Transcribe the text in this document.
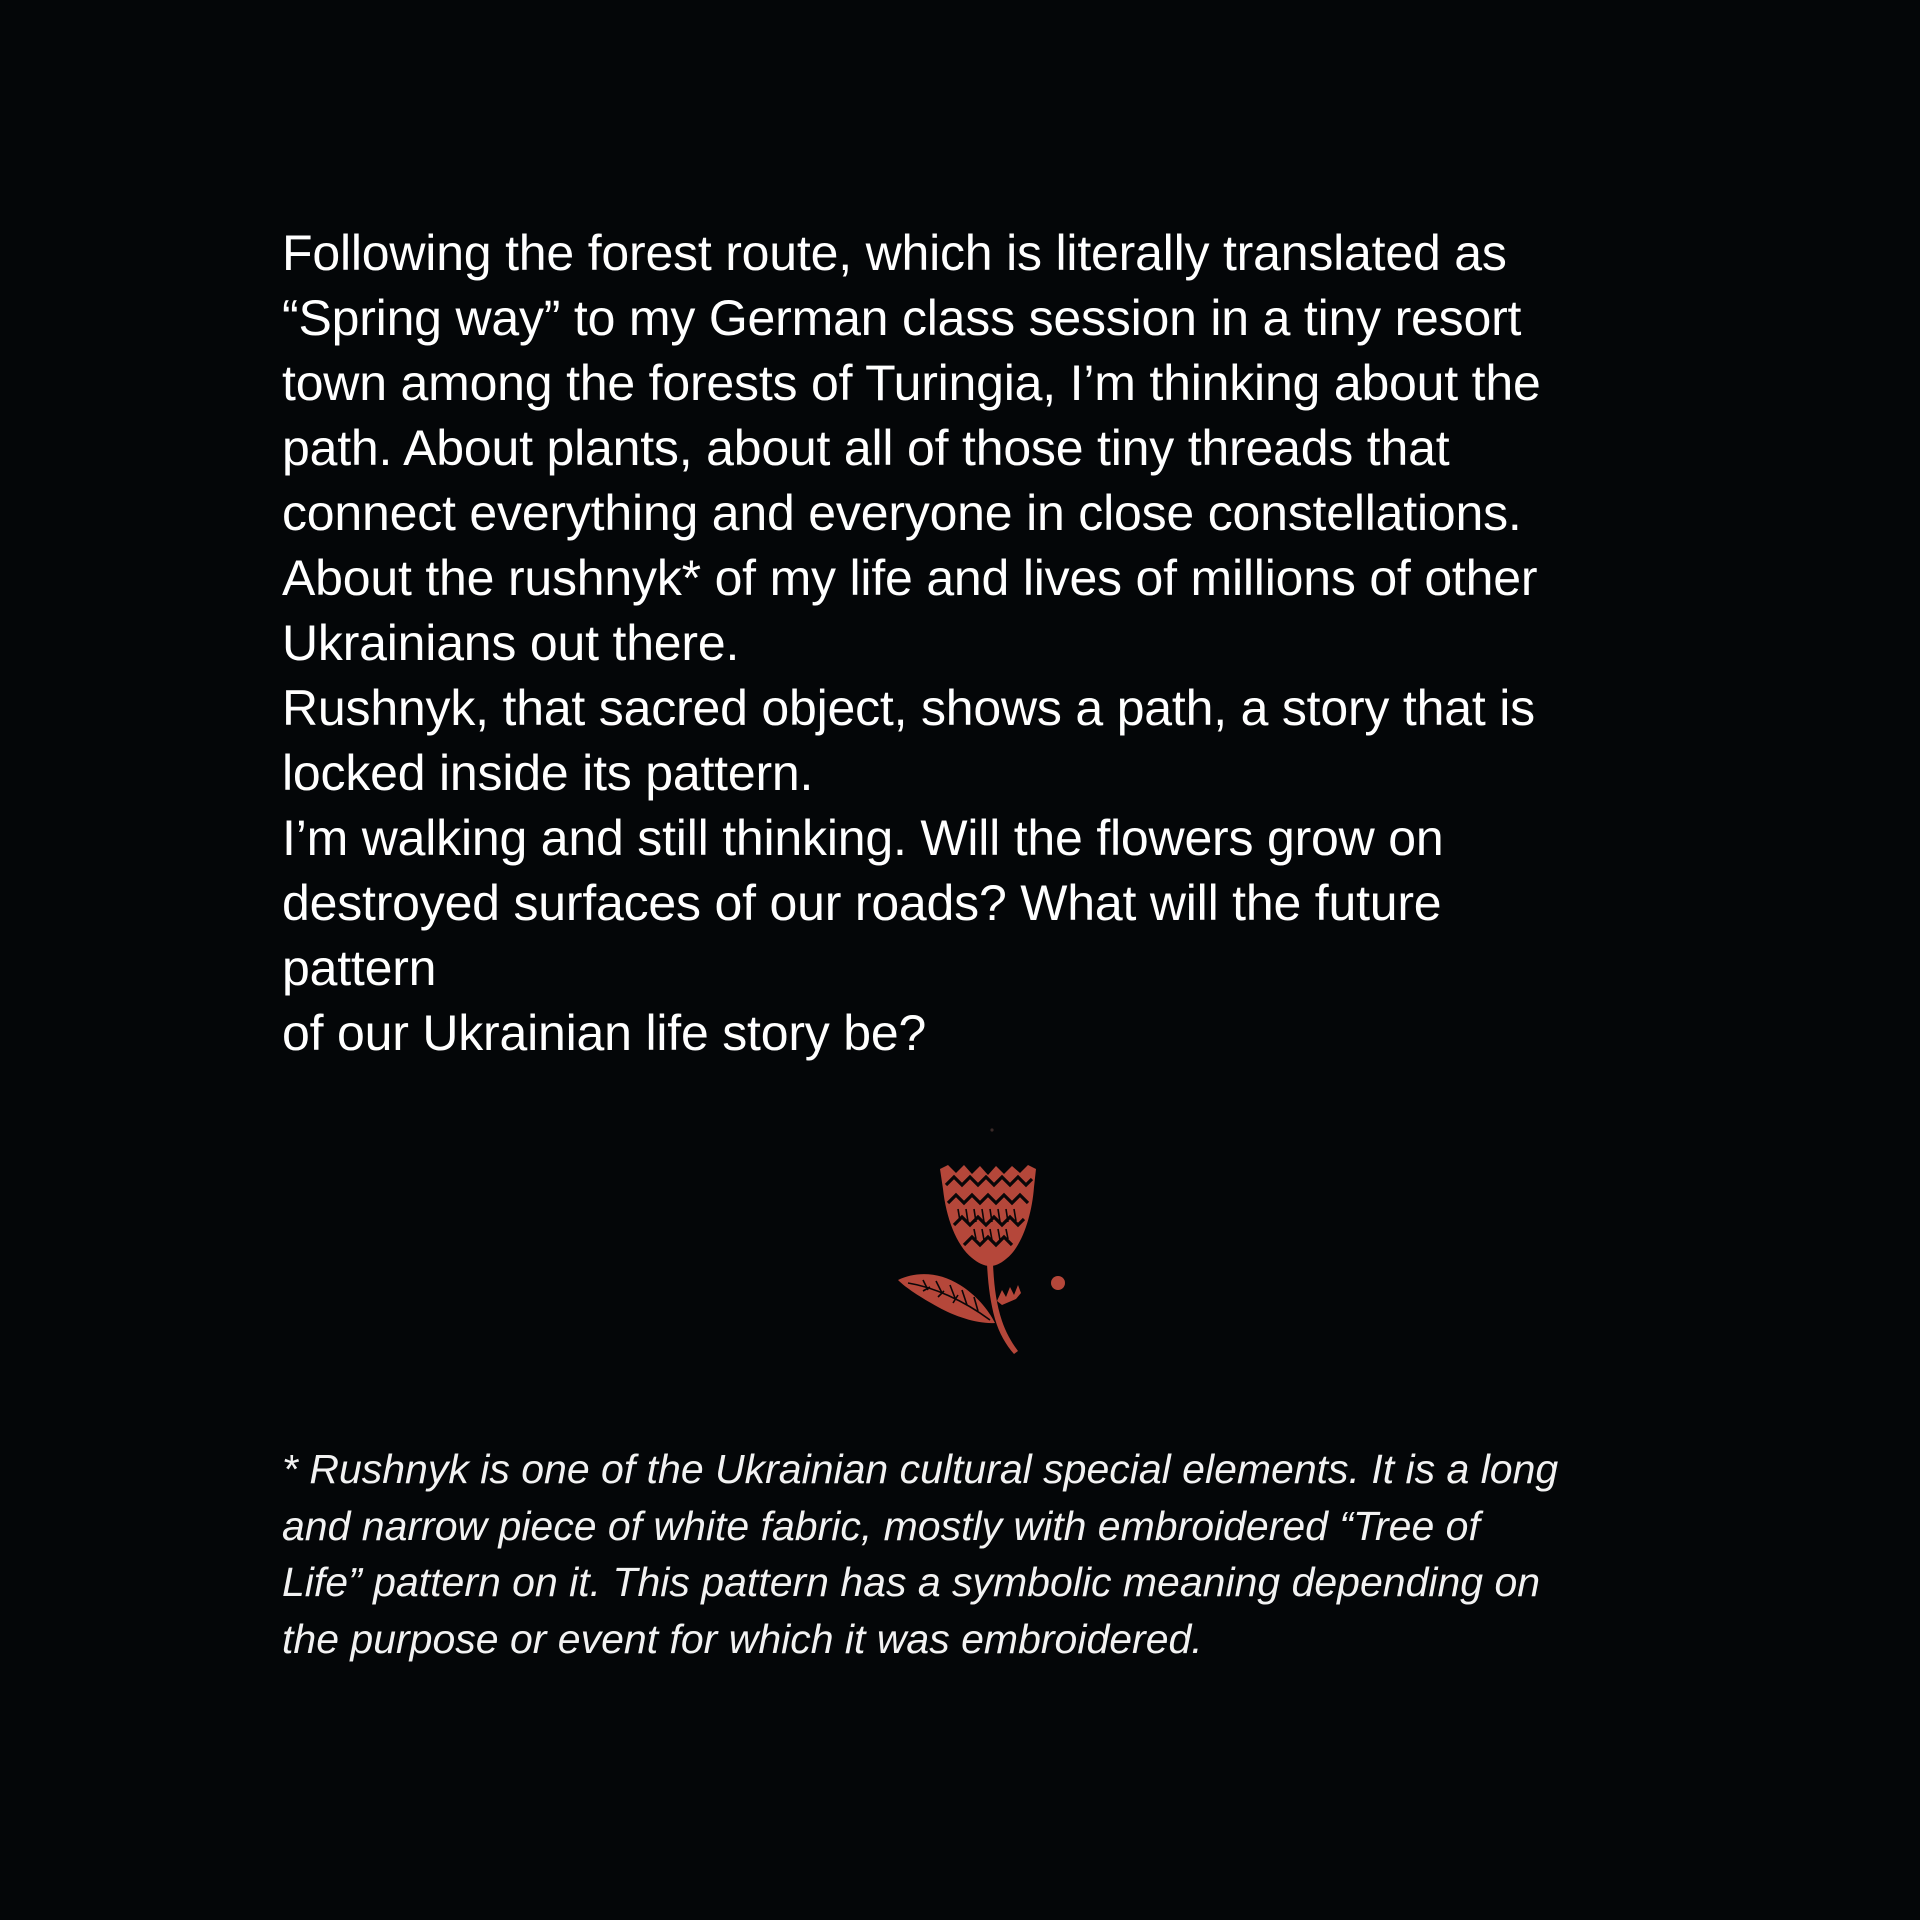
Following the forest route, which is literally translated as
“Spring way” to my German class session in a tiny resort
town among the forests of Turingia, I’m thinking about the
path. About plants, about all of those tiny threads that
connect everything and everyone in close constellations.
About the rushnyk* of my life and lives of millions of other
Ukrainians out there.
Rushnyk, that sacred object, shows a path, a story that is
locked inside its pattern.
I’m walking and still thinking. Will the flowers grow on
destroyed surfaces of our roads? What will the future
pattern
of our Ukrainian life story be?
* Rushnyk is one of the Ukrainian cultural special elements. It is a long
and narrow piece of white fabric, mostly with embroidered “Tree of
Life” pattern on it. This pattern has a symbolic meaning depending on
the purpose or event for which it was embroidered.
